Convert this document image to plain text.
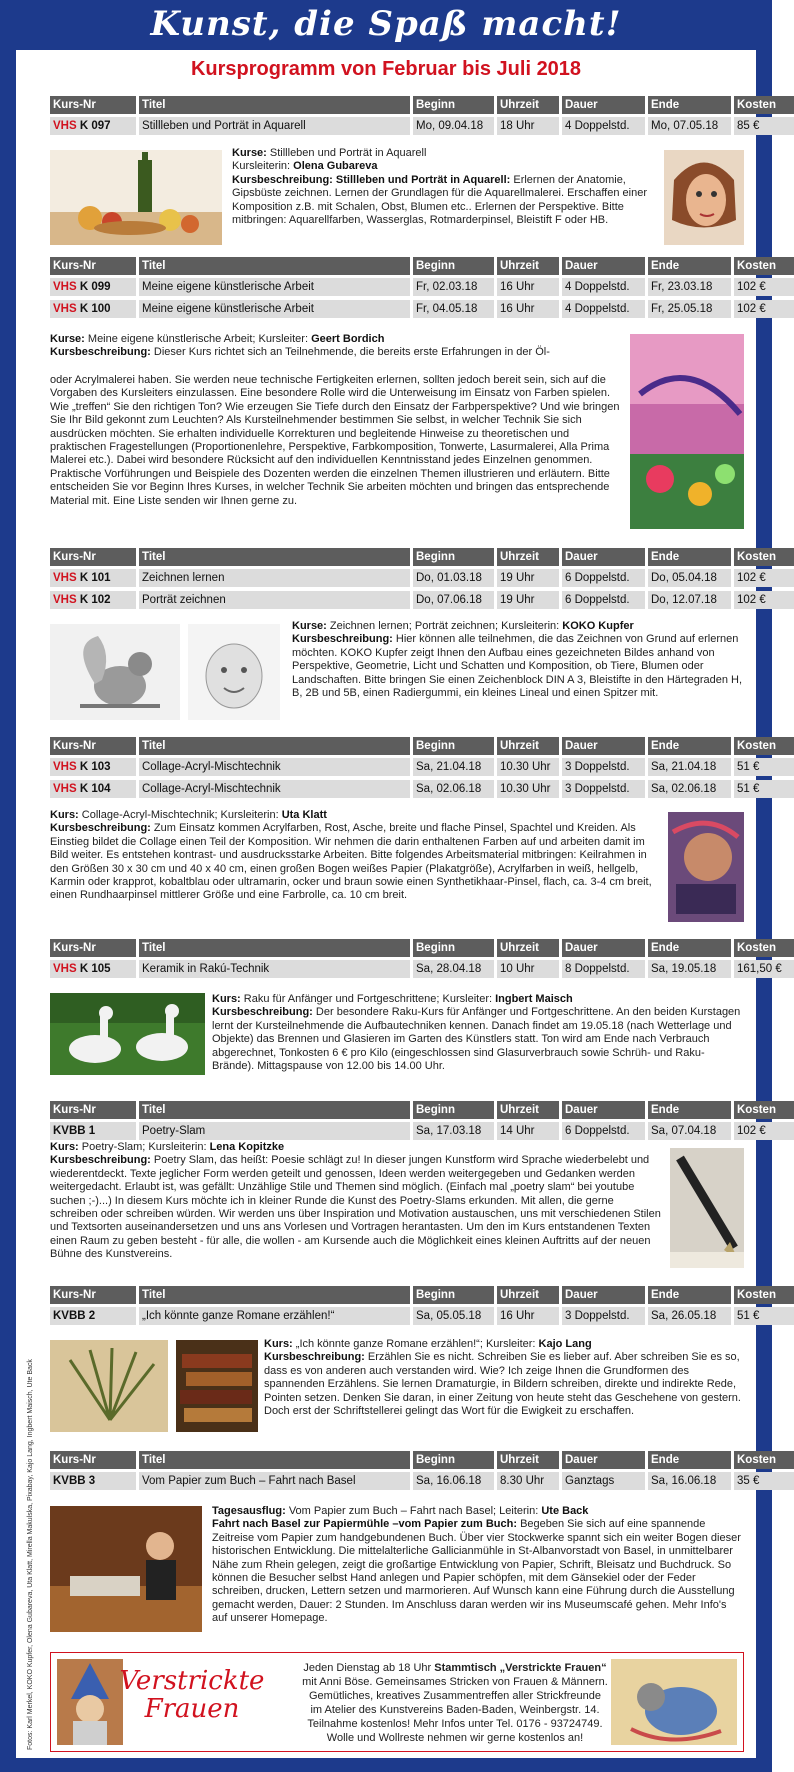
Kunst, die Spaß macht!
Kursprogramm von Februar bis Juli 2018
Kurs-Nr	Titel	Beginn	Uhrzeit	Dauer	Ende	Kosten
VHS K 097	Stillleben und Porträt in Aquarell	Mo, 09.04.18	18 Uhr	4 Doppelstd.	Mo, 07.05.18	85 €
Kurs-Nr	Titel	Beginn	Uhrzeit	Dauer	Ende	Kosten
VHS K 099	Meine eigene künstlerische Arbeit	Fr, 02.03.18	16 Uhr	4 Doppelstd.	Fr, 23.03.18	102 €
VHS K 100	Meine eigene künstlerische Arbeit	Fr, 04.05.18	16 Uhr	4 Doppelstd.	Fr, 25.05.18	102 €
Kurs-Nr	Titel	Beginn	Uhrzeit	Dauer	Ende	Kosten
VHS K 101	Zeichnen lernen	Do, 01.03.18	19 Uhr	6 Doppelstd.	Do, 05.04.18	102 €
VHS K 102	Porträt zeichnen	Do, 07.06.18	19 Uhr	6 Doppelstd.	Do, 12.07.18	102 €
Kurs-Nr	Titel	Beginn	Uhrzeit	Dauer	Ende	Kosten
VHS K 103	Collage-Acryl-Mischtechnik	Sa, 21.04.18	10.30 Uhr	3 Doppelstd.	Sa, 21.04.18	51 €
VHS K 104	Collage-Acryl-Mischtechnik	Sa, 02.06.18	10.30 Uhr	3 Doppelstd.	Sa, 02.06.18	51 €
Kurs-Nr	Titel	Beginn	Uhrzeit	Dauer	Ende	Kosten
VHS K 105	Keramik in Rakú-Technik	Sa, 28.04.18	10 Uhr	8 Doppelstd.	Sa, 19.05.18	161,50 €
Kurs-Nr	Titel	Beginn	Uhrzeit	Dauer	Ende	Kosten
KVBB 1	Poetry-Slam	Sa, 17.03.18	14 Uhr	6 Doppelstd.	Sa, 07.04.18	102 €
Kurs-Nr	Titel	Beginn	Uhrzeit	Dauer	Ende	Kosten
KVBB 2	„Ich könnte ganze Romane erzählen!“	Sa, 05.05.18	16 Uhr	3 Doppelstd.	Sa, 26.05.18	51 €
Kurs-Nr	Titel	Beginn	Uhrzeit	Dauer	Ende	Kosten
KVBB 3	Vom Papier zum Buch – Fahrt nach Basel	Sa, 16.06.18	8.30 Uhr	Ganztags	Sa, 16.06.18	35 €
Kurse: Stillleben und Porträt in Aquarell
Kursleiterin: Olena Gubareva
Kursbeschreibung: Stillleben und Porträt in Aquarell: Erlernen der Anatomie, Gipsbüste zeichnen. Lernen der Grundlagen für die Aquarellmalerei. Erschaffen einer Komposition z.B. mit Schalen, Obst, Blumen etc.. Erlernen der Perspektive. Bitte mitbringen: Aquarellfarben, Wasserglas, Rotmarderpinsel, Bleistift F oder HB.
Kurse: Meine eigene künstlerische Arbeit; Kursleiter: Geert Bordich
Kursbeschreibung: Dieser Kurs richtet sich an Teilnehmende, die bereits erste Erfahrungen in der Öl-
oder Acrylmalerei haben. Sie werden neue technische Fertigkeiten erlernen, sollten jedoch bereit sein, sich auf die Vorgaben des Kursleiters einzulassen. Eine besondere Rolle wird die Unterweisung im Einsatz von Farben spielen. Wie „treffen“ Sie den richtigen Ton? Wie erzeugen Sie Tiefe durch den Einsatz der Farbperspektive? Und wie bringen Sie Ihr Bild gekonnt zum Leuchten? Als Kursteilnehmender bestimmen Sie selbst, in welcher Technik Sie sich ausdrücken möchten. Sie erhalten individuelle Korrekturen und begleitende Hinweise zu theoretischen und praktischen Fragestellungen (Proportionenlehre, Perspektive, Farbkomposition, Tonwerte, Lasurmalerei, Alla Prima Malerei etc.). Dabei wird besondere Rücksicht auf den individuellen Kenntnisstand jedes Einzelnen genommen. Praktische Vorführungen und Beispiele des Dozenten werden die einzelnen Themen illustrieren und erläutern. Bitte entscheiden Sie vor Beginn Ihres Kurses, in welcher Technik Sie arbeiten möchten und bringen das entsprechende Material mit. Eine Liste senden wir Ihnen gerne zu.
Kurse: Zeichnen lernen; Porträt zeichnen; Kursleiterin: KOKO Kupfer
Kursbeschreibung: Hier können alle teilnehmen, die das Zeichnen von Grund auf erlernen möchten. KOKO Kupfer zeigt Ihnen den Aufbau eines gezeichneten Bildes anhand von Perspektive, Geometrie, Licht und Schatten und Komposition, ob Tiere, Blumen oder Landschaften. Bitte bringen Sie einen Zeichenblock DIN A 3, Bleistifte in den Härtegraden H, B, 2B und 5B, einen Radiergummi, ein kleines Lineal und einen Spitzer mit.
Kurs: Collage-Acryl-Mischtechnik; Kursleiterin: Uta Klatt
Kursbeschreibung: Zum Einsatz kommen Acrylfarben, Rost, Asche, breite und flache Pinsel, Spachtel und Kreiden. Als Einstieg bildet die Collage einen Teil der Komposition. Wir nehmen die darin enthaltenen Farben auf und arbeiten damit im Bild weiter. Es entstehen kontrast- und ausdrucksstarke Arbeiten. Bitte folgendes Arbeitsmaterial mitbringen: Keilrahmen in den Größen 30 x 30 cm und 40 x 40 cm, einen großen Bogen weißes Papier (Plakatgröße), Acrylfarben in weiß, hellgelb, Karmin oder krapprot, kobaltblau oder ultramarin, ocker und braun sowie einen Synthetikhaar-Pinsel, flach, ca. 3-4 cm breit, einen Rundhaarpinsel mittlerer Größe und eine Farbrolle, ca. 10 cm breit.
Kurs: Raku für Anfänger und Fortgeschrittene; Kursleiter: Ingbert Maisch
Kursbeschreibung: Der besondere Raku-Kurs für Anfänger und Fortgeschrittene. An den beiden Kurstagen lernt der Kursteilnehmende die Aufbautechniken kennen. Danach findet am 19.05.18 (nach Wetterlage und Objekte) das Brennen und Glasieren im Garten des Künstlers statt. Ton wird am Ende nach Verbrauch abgerechnet, Tonkosten 6 € pro Kilo (eingeschlossen sind Glasurverbrauch sowie Schrüh- und Raku-Brände). Mittagspause von 12.00 bis 14.00 Uhr.
Kurs: Poetry-Slam; Kursleiterin: Lena Kopitzke
Kursbeschreibung: Poetry Slam, das heißt: Poesie schlägt zu! In dieser jungen Kunstform wird Sprache wiederbelebt und wiederentdeckt. Texte jeglicher Form werden geteilt und genossen, Ideen werden weitergegeben und Gedanken werden weitergedacht. Erlaubt ist, was gefällt: Unzählige Stile und Themen sind möglich. (Einfach mal „poetry slam“ bei youtube suchen ;-)...) In diesem Kurs möchte ich in kleiner Runde die Kunst des Poetry-Slams erkunden. Mit allen, die gerne schreiben oder schreiben würden. Wir werden uns über Inspiration und Motivation austauschen, uns mit verschiedenen Stilen und Textsorten auseinandersetzen und uns ans Vorlesen und Vortragen herantasten. Um den im Kurs entstandenen Texten einen Raum zu geben besteht - für alle, die wollen - am Kursende auch die Möglichkeit eines kleinen Auftritts auf der neuen Bühne des Kunstvereins.
Kurs: „Ich könnte ganze Romane erzählen!“; Kursleiter: Kajo Lang
Kursbeschreibung: Erzählen Sie es nicht. Schreiben Sie es lieber auf. Aber schreiben Sie es so, dass es von anderen auch verstanden wird. Wie? Ich zeige Ihnen die Grundformen des spannenden Erzählens. Sie lernen Dramaturgie, in Bildern schreiben, direkte und indirekte Rede, Pointen setzen. Denken Sie daran, in einer Zeitung von heute steht das Geschehene von gestern. Doch erst der Schriftstellerei gelingt das Wort für die Ewigkeit zu erschaffen.
Tagesausflug: Vom Papier zum Buch – Fahrt nach Basel; Leiterin: Ute Back
Fahrt nach Basel zur Papiermühle –vom Papier zum Buch: Begeben Sie sich auf eine spannende Zeitreise vom Papier zum handgebundenen Buch. Über vier Stockwerke spannt sich ein weiter Bogen dieser historischen Entwicklung. Die mittelalterliche Gallicianmühle in St-Albanvorstadt von Basel, in unmittelbarer Nähe zum Rhein gelegen, zeigt die großartige Entwicklung von Papier, Schrift, Bleisatz und Buchdruck. So können die Besucher selbst Hand anlegen und Papier schöpfen, mit dem Gänsekiel oder der Feder schreiben, drucken, Lettern setzen und marmorieren. Auf Wunsch kann eine Führung durch die Ausstellung gemacht werden, Dauer: 2 Stunden. Im Anschluss daran werden wir ins Museumscafé gehen. Mehr Info's auf unserer Homepage.
Verstrickte
Frauen
Jeden Dienstag ab 18 Uhr Stammtisch „Verstrickte Frauen“
mit Anni Böse. Gemeinsames Stricken von Frauen & Männern.
Gemütliches, kreatives Zusammentreffen aller Strickfreunde
im Atelier des Kunstvereins Baden-Baden, Weinbergstr. 14.
Teilnahme kostenlos! Mehr Infos unter Tel. 0176 - 93724749.
Wolle und Wollreste nehmen wir gerne kostenlos an!
Fotos: Karl Merkel, KOKO Kupfer, Olena Gubareva, Uta Klatt, Mirella Makulska, Pixabay, Kajo Lang, Ingbert Maisch, Ute Back
